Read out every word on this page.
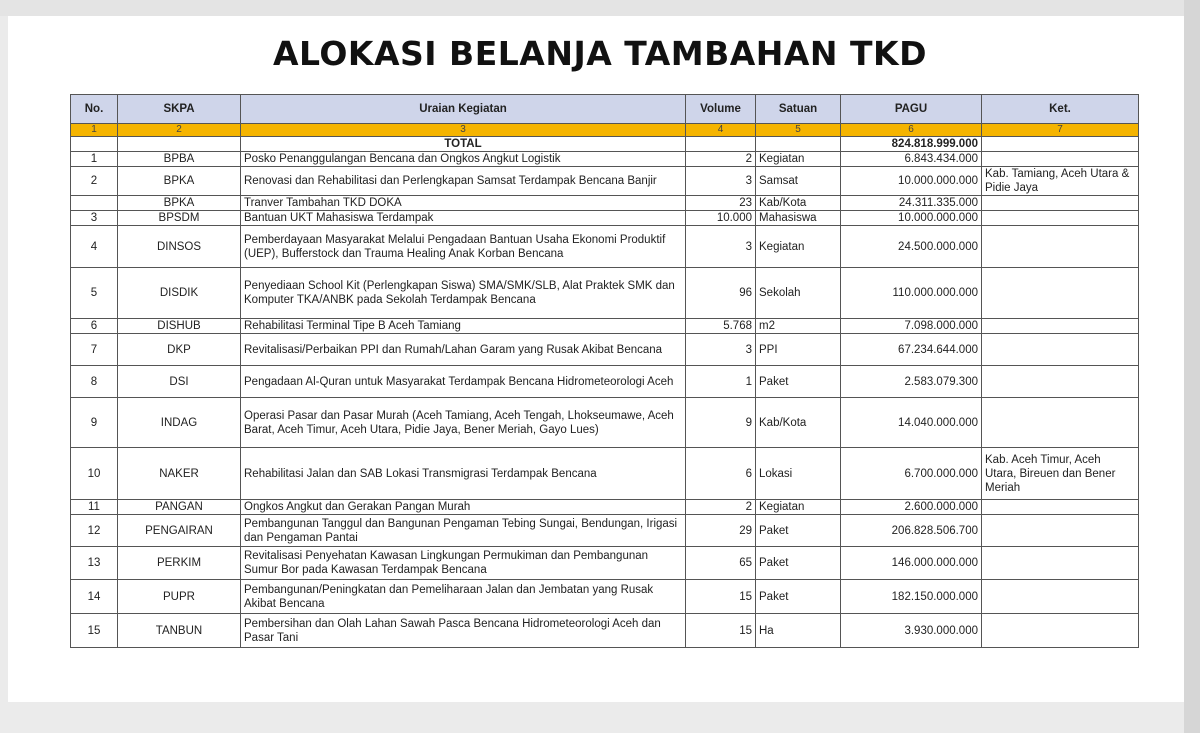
ALOKASI BELANJA TAMBAHAN TKD
No.	SKPA	Uraian Kegiatan	Volume	Satuan	PAGU	Ket.
1	2	3	4	5	6	7
		TOTAL			824.818.999.000	
1	BPBA	Posko Penanggulangan Bencana dan Ongkos Angkut Logistik	2	Kegiatan	6.843.434.000	
2	BPKA	Renovasi dan Rehabilitasi dan Perlengkapan Samsat Terdampak Bencana Banjir	3	Samsat	10.000.000.000	Kab. Tamiang, Aceh Utara & Pidie Jaya
	BPKA	Tranver Tambahan TKD DOKA	23	Kab/Kota	24.311.335.000	
3	BPSDM	Bantuan UKT Mahasiswa Terdampak	10.000	Mahasiswa	10.000.000.000	
4	DINSOS	Pemberdayaan Masyarakat Melalui Pengadaan Bantuan Usaha Ekonomi Produktif (UEP), Bufferstock dan Trauma Healing Anak Korban Bencana	3	Kegiatan	24.500.000.000	
5	DISDIK	Penyediaan School Kit (Perlengkapan Siswa) SMA/SMK/SLB, Alat Praktek SMK dan Komputer TKA/ANBK pada Sekolah Terdampak Bencana	96	Sekolah	110.000.000.000	
6	DISHUB	Rehabilitasi Terminal Tipe B Aceh Tamiang	5.768	m2	7.098.000.000	
7	DKP	Revitalisasi/Perbaikan PPI dan Rumah/Lahan Garam yang Rusak Akibat Bencana	3	PPI	67.234.644.000	
8	DSI	Pengadaan Al-Quran untuk Masyarakat Terdampak Bencana Hidrometeorologi Aceh	1	Paket	2.583.079.300	
9	INDAG	Operasi Pasar dan Pasar Murah (Aceh Tamiang, Aceh Tengah, Lhokseumawe, Aceh Barat, Aceh Timur, Aceh Utara, Pidie Jaya, Bener Meriah, Gayo Lues)	9	Kab/Kota	14.040.000.000	
10	NAKER	Rehabilitasi Jalan dan SAB Lokasi Transmigrasi Terdampak Bencana	6	Lokasi	6.700.000.000	Kab. Aceh Timur, Aceh Utara, Bireuen dan Bener Meriah
11	PANGAN	Ongkos Angkut dan Gerakan Pangan Murah	2	Kegiatan	2.600.000.000	
12	PENGAIRAN	Pembangunan Tanggul dan Bangunan Pengaman Tebing Sungai, Bendungan, Irigasi dan Pengaman Pantai	29	Paket	206.828.506.700	
13	PERKIM	Revitalisasi Penyehatan Kawasan Lingkungan Permukiman dan Pembangunan Sumur Bor pada Kawasan Terdampak Bencana	65	Paket	146.000.000.000	
14	PUPR	Pembangunan/Peningkatan dan Pemeliharaan Jalan dan Jembatan yang Rusak Akibat Bencana	15	Paket	182.150.000.000	
15	TANBUN	Pembersihan dan Olah Lahan Sawah Pasca Bencana Hidrometeorologi Aceh dan Pasar Tani	15	Ha	3.930.000.000	
